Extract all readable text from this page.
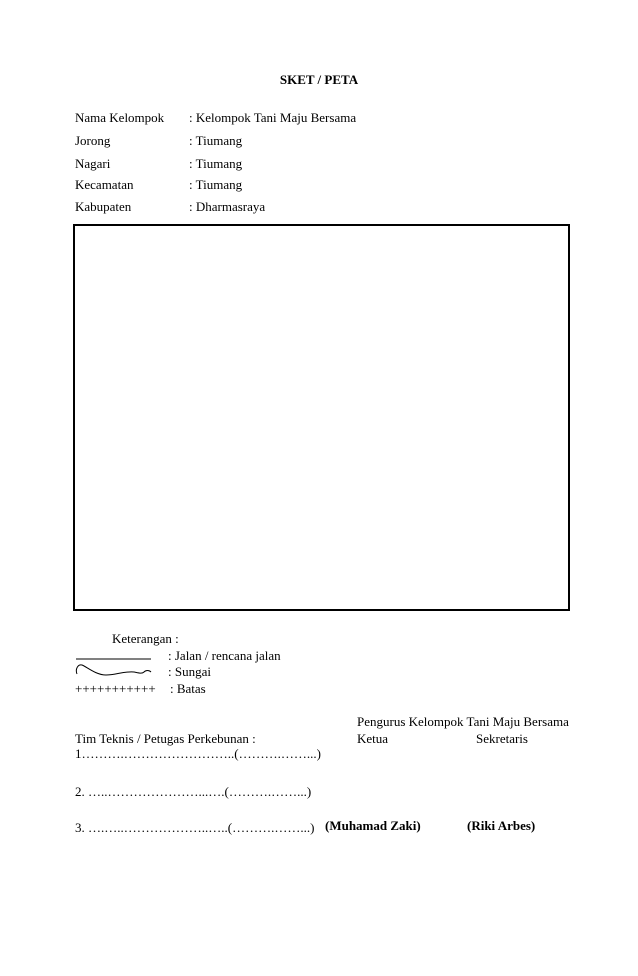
SKET / PETA
Nama Kelompok : Kelompok Tani Maju Bersama
Jorong	: Tiumang
Nagari	: Tiumang
Kecamatan	: Tiumang
Kabupaten	: Dharmasraya
Keterangan :
: Jalan / rencana jalan
: Sungai
+++++++++++ : Batas
Pengurus Kelompok Tani Maju Bersama
Ketua	Sekretaris
(Muhamad Zaki)	(Riki Arbes)
Tim Teknis / Petugas Perkebunan :
1……….……………………..(……….……...)
2. …..…………………...….(……….……...)
3. ….…..………………..…..(……….……...)
